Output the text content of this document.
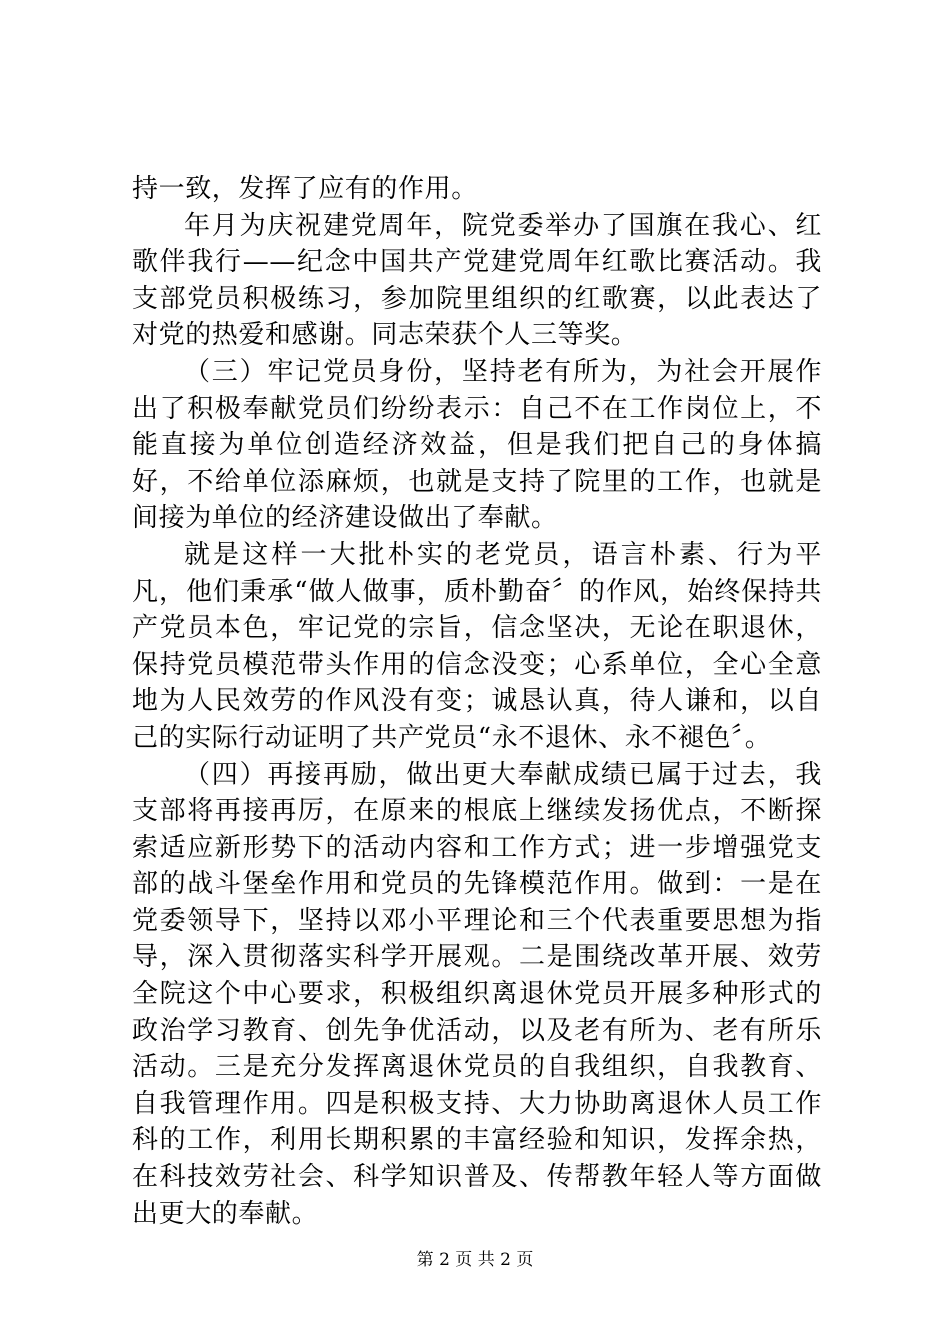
持一致，发挥了应有的作用。

年月为庆祝建党周年，院党委举办了国旗在我心、红歌伴我行——纪念中国共产党建党周年红歌比赛活动。我支部党员积极练习，参加院里组织的红歌赛，以此表达了对党的热爱和感谢。同志荣获个人三等奖。

（三）牢记党员身份，坚持老有所为，为社会开展作出了积极奉献党员们纷纷表示：自己不在工作岗位上，不能直接为单位创造经济效益，但是我们把自己的身体搞好，不给单位添麻烦，也就是支持了院里的工作，也就是间接为单位的经济建设做出了奉献。

就是这样一大批朴实的老党员，语言朴素、行为平凡，他们秉承“做人做事，质朴勤奋〞的作风，始终保持共产党员本色，牢记党的宗旨，信念坚决，无论在职退休，保持党员模范带头作用的信念没变；心系单位，全心全意地为人民效劳的作风没有变；诚恳认真，待人谦和，以自己的实际行动证明了共产党员“永不退休、永不褪色〞。

（四）再接再励，做出更大奉献成绩已属于过去，我支部将再接再厉，在原来的根底上继续发扬优点，不断探索适应新形势下的活动内容和工作方式；进一步增强党支部的战斗堡垒作用和党员的先锋模范作用。做到：一是在党委领导下，坚持以邓小平理论和三个代表重要思想为指导，深入贯彻落实科学开展观。二是围绕改革开展、效劳全院这个中心要求，积极组织离退休党员开展多种形式的政治学习教育、创先争优活动，以及老有所为、老有所乐活动。三是充分发挥离退休党员的自我组织，自我教育、自我管理作用。四是积极支持、大力协助离退休人员工作科的工作，利用长期积累的丰富经验和知识，发挥余热，在科技效劳社会、科学知识普及、传帮教年轻人等方面做出更大的奉献。

第 2 页 共 2 页
